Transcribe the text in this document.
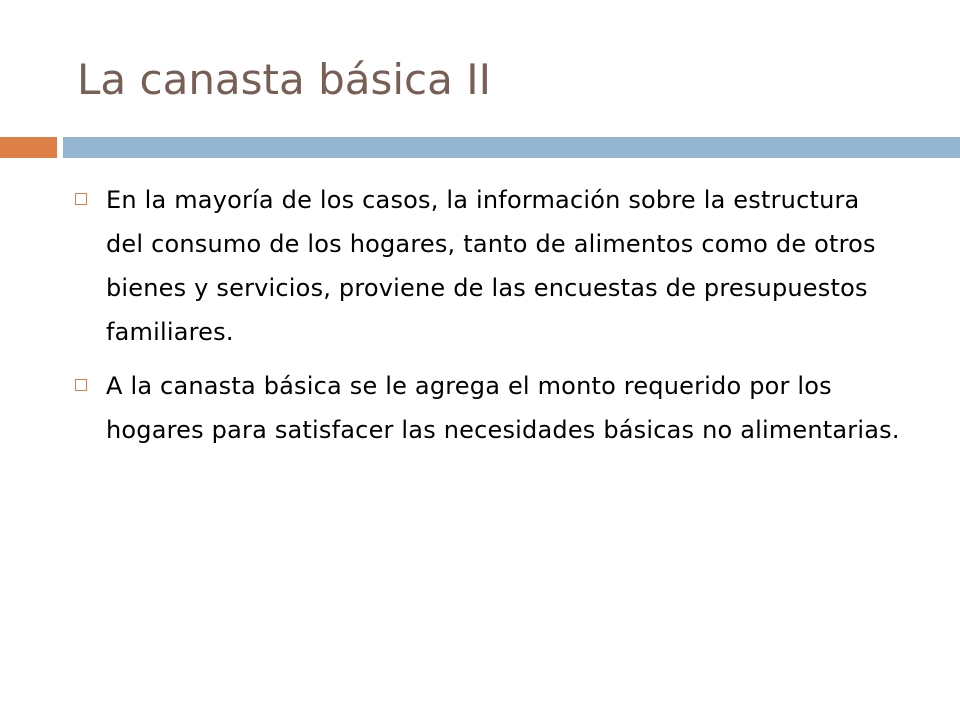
La canasta básica II
En la mayoría de los casos, la información sobre la estructura del consumo de los hogares, tanto de alimentos como de otros bienes y servicios, proviene de las encuestas de presupuestos familiares.
A la canasta básica se le agrega el monto requerido por los hogares para satisfacer las necesidades básicas no alimentarias.
